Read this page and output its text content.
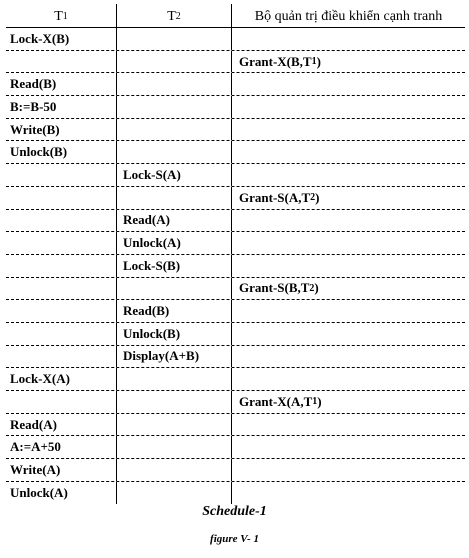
T 1	T 2	Bộ quản trị điều khiển cạnh tranh
Lock-X(B)
Grant-X(B,T 1 )
Read(B)
B:=B-50
Write(B)
Unlock(B)
Lock-S(A)
Grant-S(A,T 2 )
Read(A)
Unlock(A)
Lock-S(B)
Grant-S(B,T 2 )
Read(B)
Unlock(B)
Display(A+B)
Lock-X(A)
Grant-X(A,T 1 )
Read(A)
A:=A+50
Write(A)
Unlock(A)
Schedule-1
figure V- 1
